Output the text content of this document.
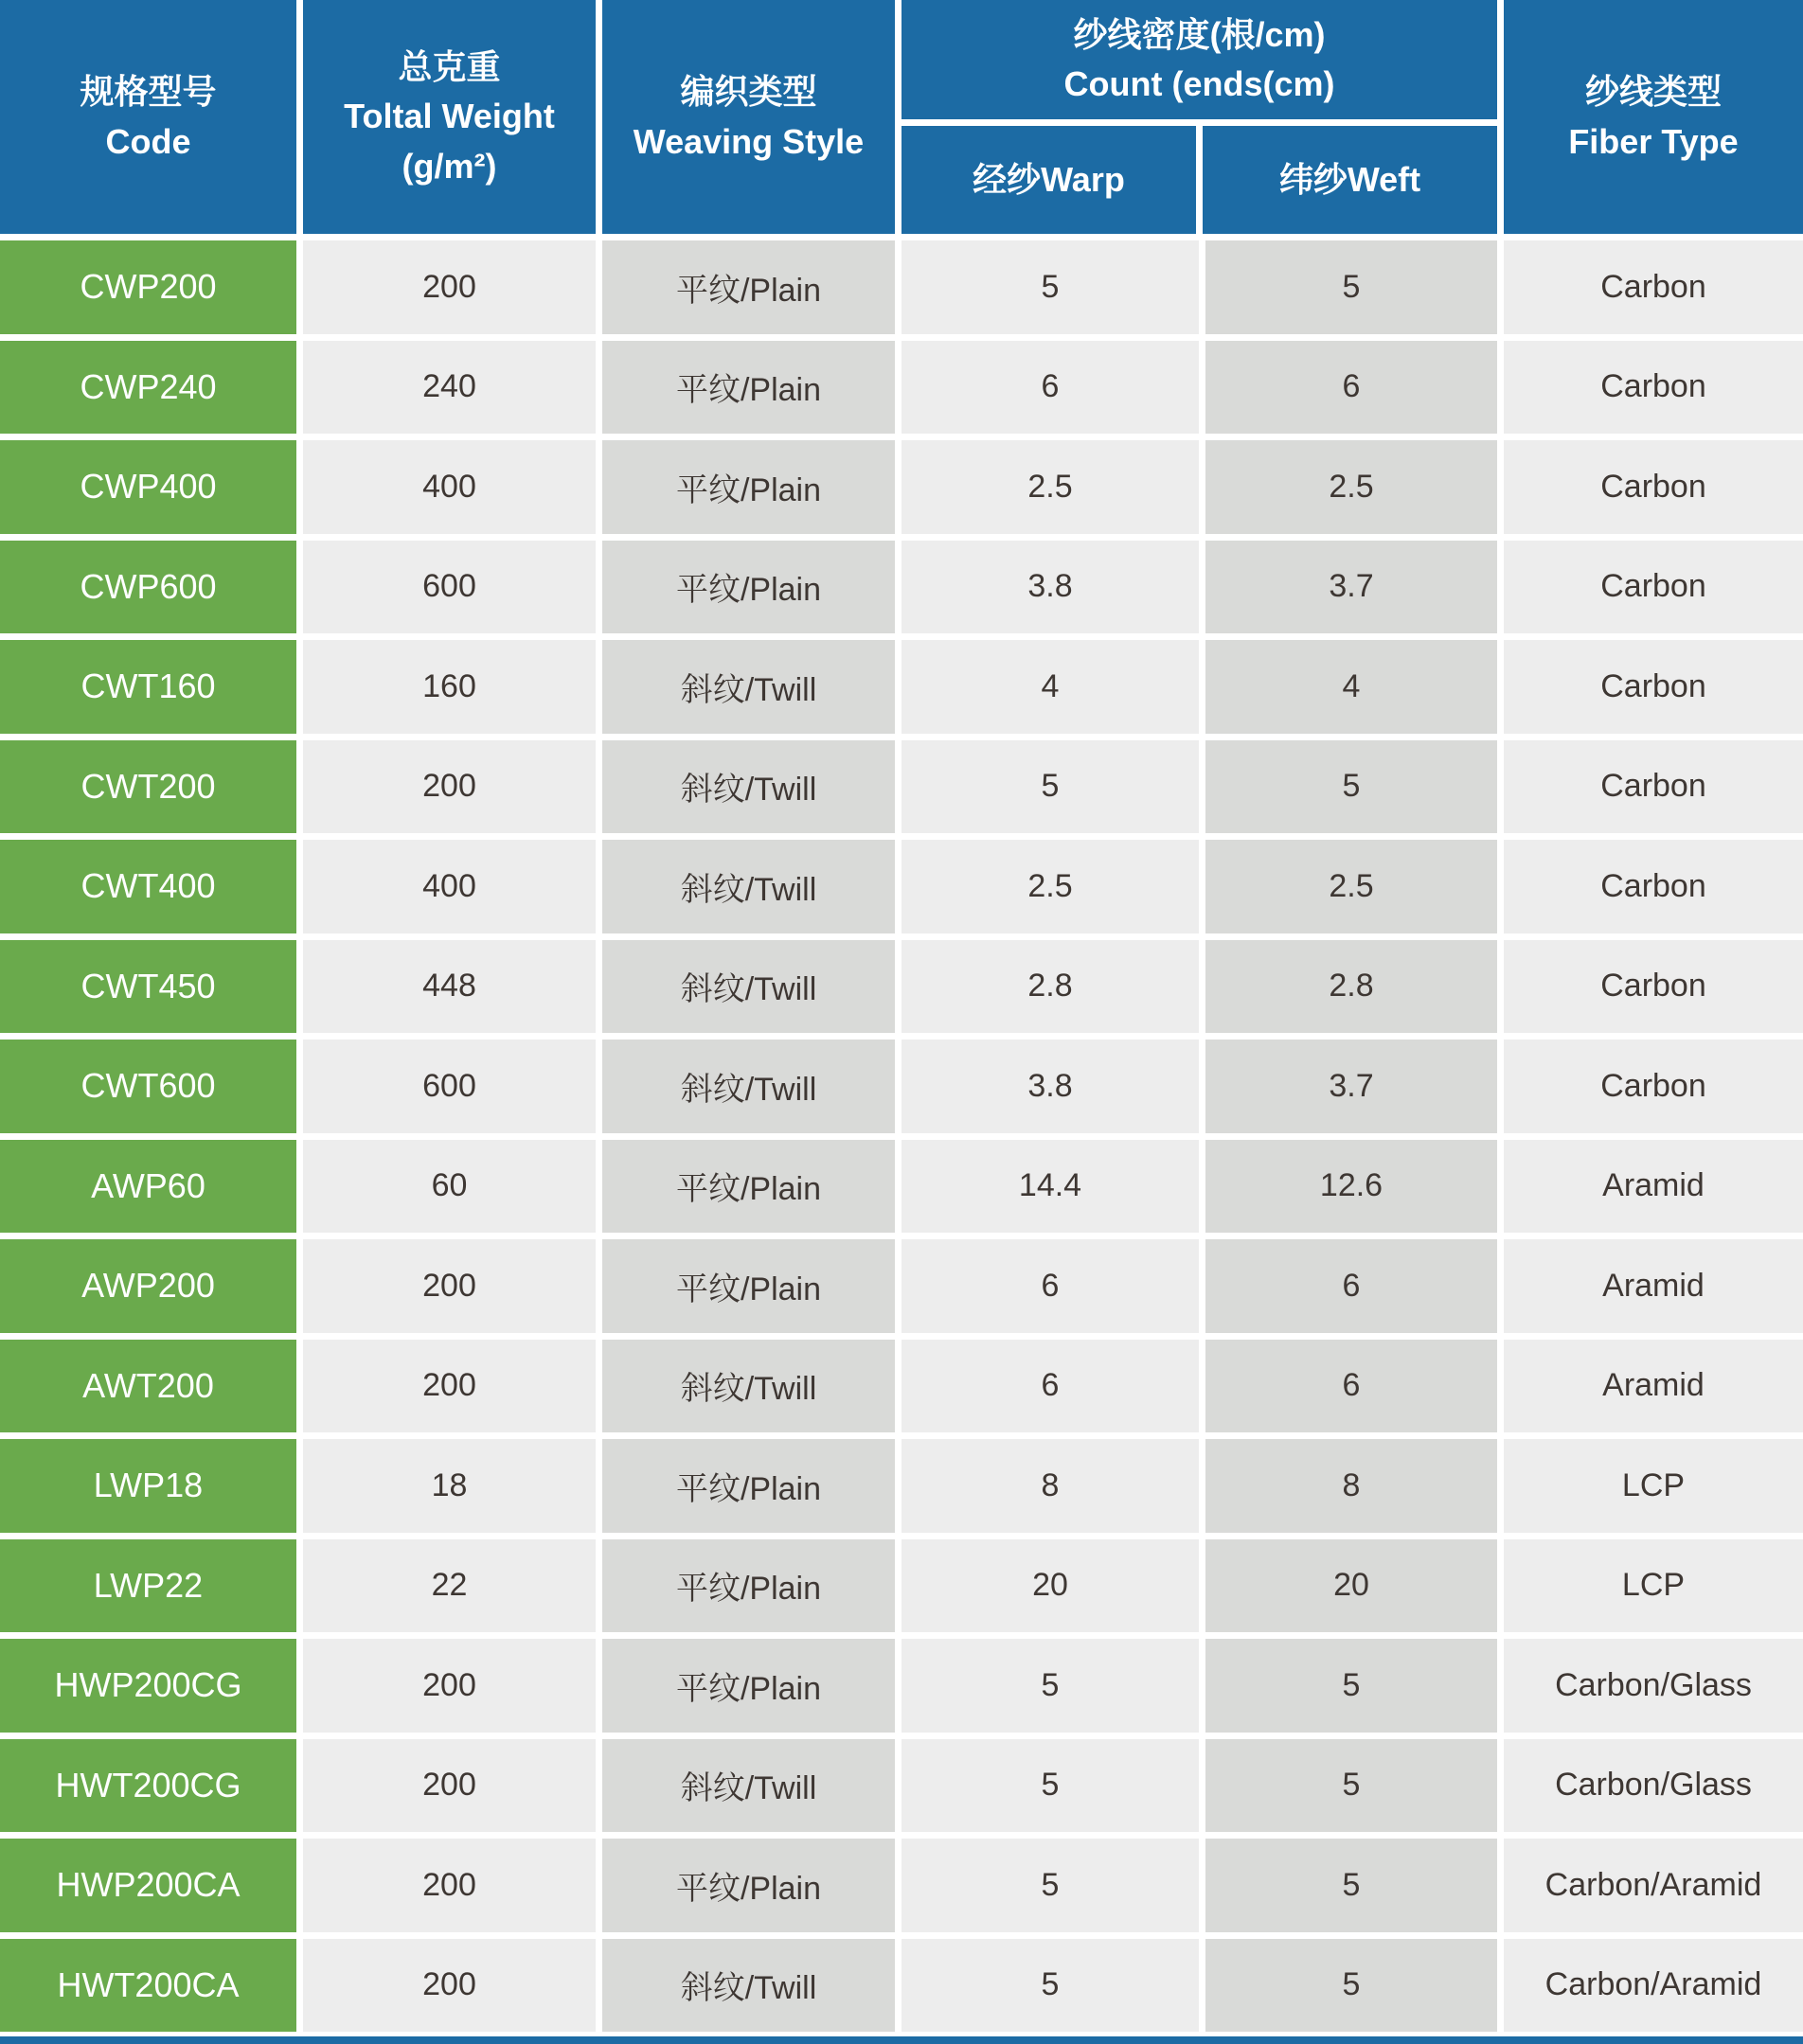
规格型号
Code
总克重
Toltal Weight
(g/m²)
编织类型
Weaving Style
纱线密度(根/cm)
Count (ends(cm)
经纱Warp	纬纱Weft
纱线类型
Fiber Type
CWP200	200	平纹/Plain	5	5	Carbon
CWP240	240	平纹/Plain	6	6	Carbon
CWP400	400	平纹/Plain	2.5	2.5	Carbon
CWP600	600	平纹/Plain	3.8	3.7	Carbon
CWT160	160	斜纹/Twill	4	4	Carbon
CWT200	200	斜纹/Twill	5	5	Carbon
CWT400	400	斜纹/Twill	2.5	2.5	Carbon
CWT450	448	斜纹/Twill	2.8	2.8	Carbon
CWT600	600	斜纹/Twill	3.8	3.7	Carbon
AWP60	60	平纹/Plain	14.4	12.6	Aramid
AWP200	200	平纹/Plain	6	6	Aramid
AWT200	200	斜纹/Twill	6	6	Aramid
LWP18	18	平纹/Plain	8	8	LCP
LWP22	22	平纹/Plain	20	20	LCP
HWP200CG	200	平纹/Plain	5	5	Carbon/Glass
HWT200CG	200	斜纹/Twill	5	5	Carbon/Glass
HWP200CA	200	平纹/Plain	5	5	Carbon/Aramid
HWT200CA	200	斜纹/Twill	5	5	Carbon/Aramid
